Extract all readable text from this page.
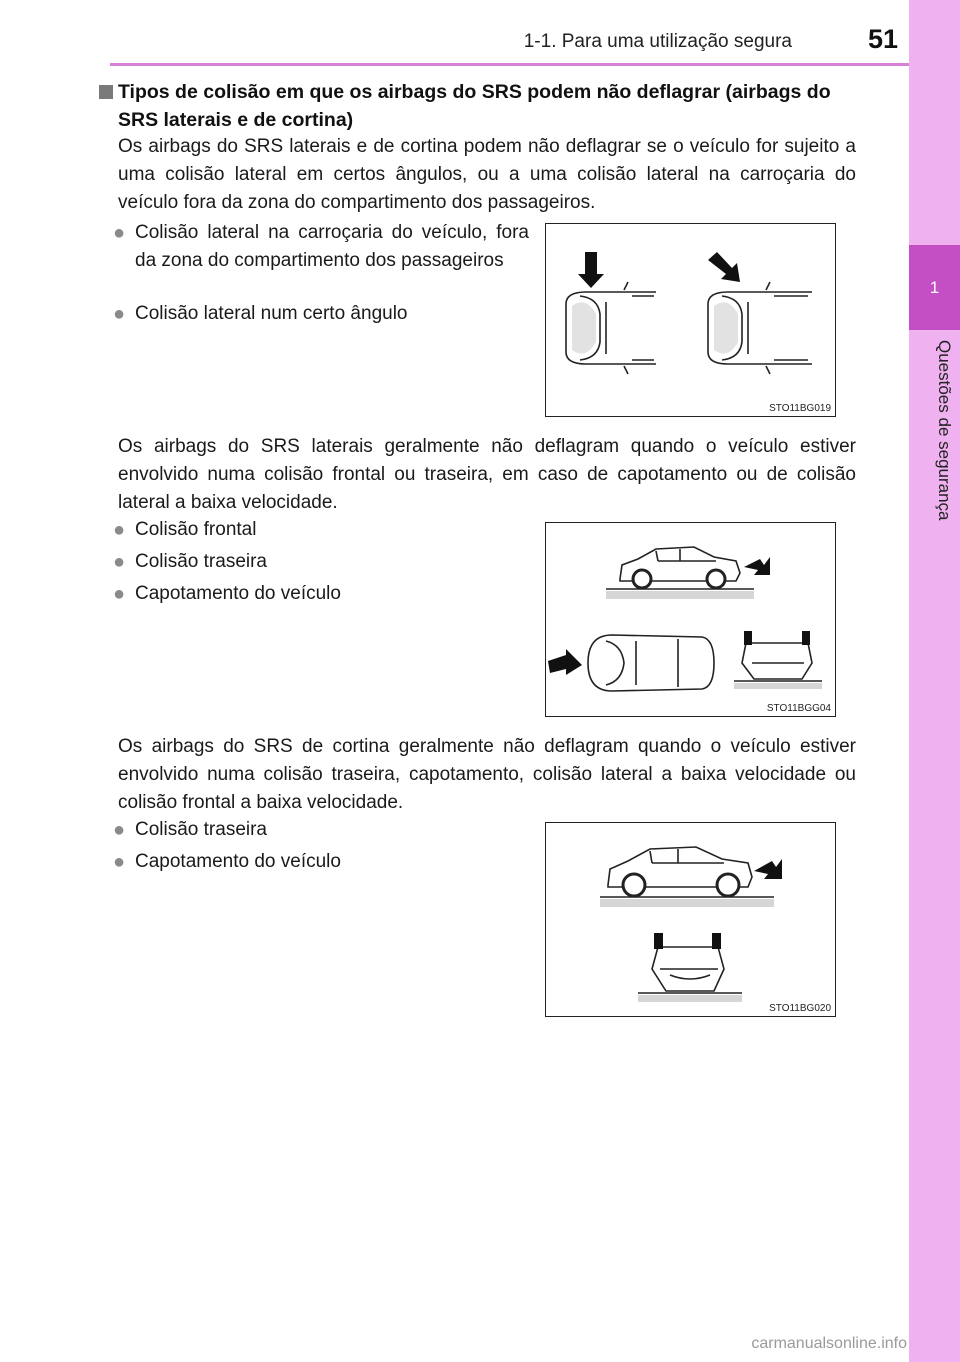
1
Questões de segurança
1-1. Para uma utilização segura	51
Tipos de colisão em que os airbags do SRS podem não deflagrar (airbags do SRS laterais e de cortina)
Os airbags do SRS laterais e de cortina podem não deflagrar se o veículo for sujeito a uma colisão lateral em certos ângulos, ou a uma colisão lateral na carroçaria do veículo fora da zona do compartimento dos passageiros.
● Colisão lateral na carroçaria do veículo, fora da zona do compartimento dos passageiros
● Colisão lateral num certo ângulo
STO11BG019
Os airbags do SRS laterais geralmente não deflagram quando o veículo estiver envolvido numa colisão frontal ou traseira, em caso de capotamento ou de colisão lateral a baixa velocidade.
● Colisão frontal
● Colisão traseira
● Capotamento do veículo
STO11BGG04
Os airbags do SRS de cortina geralmente não deflagram quando o veículo estiver envolvido numa colisão traseira, capotamento, colisão lateral a baixa velocidade ou colisão frontal a baixa velocidade.
● Colisão traseira
● Capotamento do veículo
STO11BG020
carmanualsonline.info
